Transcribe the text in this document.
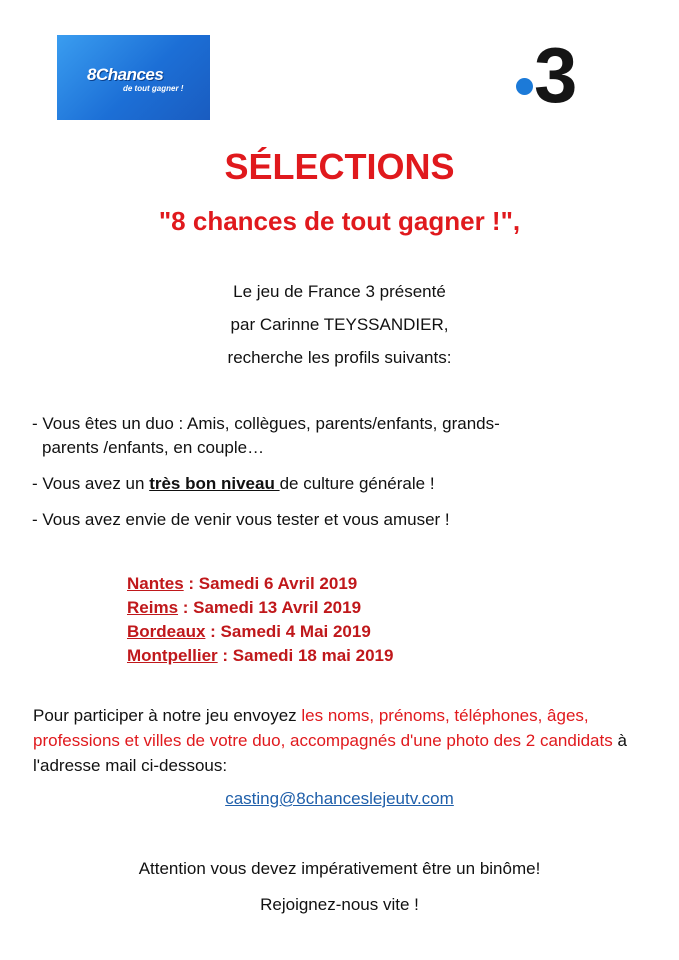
8Chances
de tout gagner !	3
SÉLECTIONS
"8 chances de tout gagner !",
Le jeu de France 3 présenté
par Carinne TEYSSANDIER,
recherche les profils suivants:
- Vous êtes un duo : Amis, collègues, parents/enfants, grands-
parents /enfants, en couple…
- Vous avez un très bon niveau de culture générale !
- Vous avez envie de venir vous tester et vous amuser !
Nantes : Samedi 6 Avril 2019
Reims : Samedi 13 Avril 2019
Bordeaux : Samedi 4 Mai 2019
Montpellier : Samedi 18 mai 2019
Pour participer à notre jeu envoyez les noms, prénoms, téléphones, âges, professions et villes de votre duo, accompagnés d'une photo des 2 candidats à l'adresse mail ci-dessous:
casting@8chanceslejeutv.com
Attention vous devez impérativement être un binôme!
Rejoignez-nous vite !
